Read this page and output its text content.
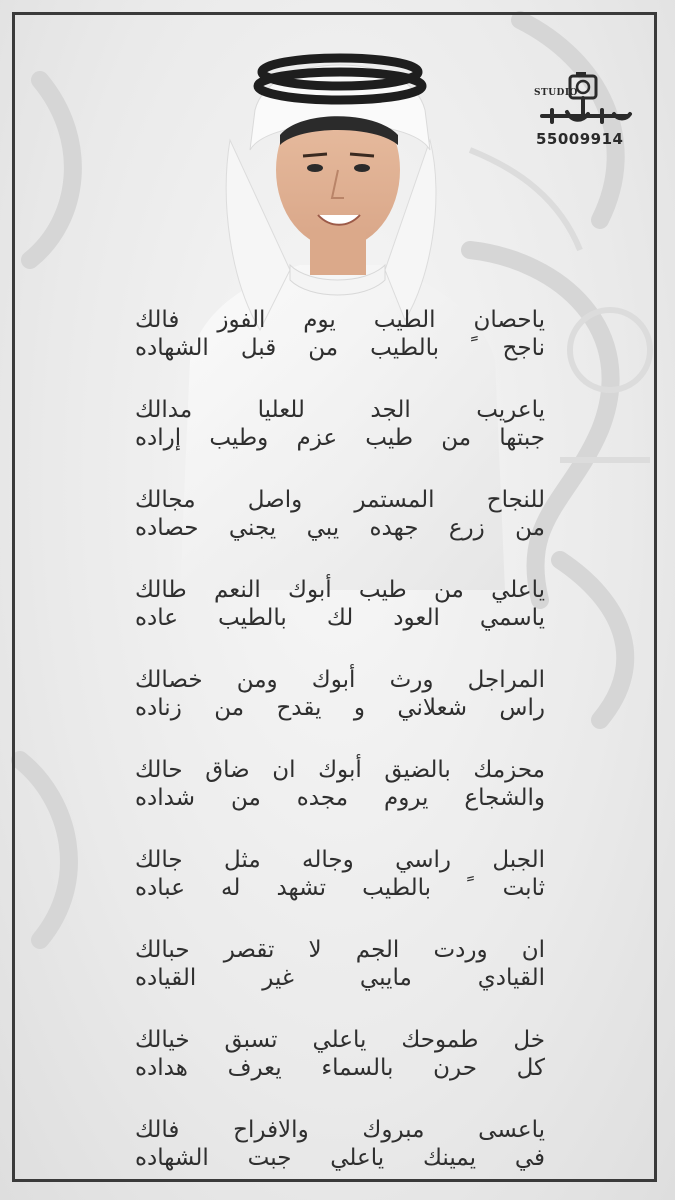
STUDIO
55009914
ياحصان الطيب يوم الفوز فالك
ناجح ً بالطيب من قبل الشهاده
ياعريب الجد للعليا مدالك
جبتها من طيب عزم وطيب إراده
للنجاح المستمر واصل مجالك
من زرع جهده يبي يجني حصاده
ياعلي من طيب أبوك النعم طالك
ياسمي العود لك بالطيب عاده
المراجل ورث أبوك ومن خصالك
راس شعلاني و يقدح من زناده
محزمك بالضيق أبوك ان ضاق حالك
والشجاع يروم مجده من شداده
الجبل راسي وجاله مثل جالك
ثابت ً بالطيب تشهد له عباده
ان وردت الجم لا تقصر حبالك
القيادي مايبي غير القياده
خل طموحك ياعلي تسبق خيالك
كل حرن بالسماء يعرف هداده
ياعسى مبروك والافراح فالك
في يمينك ياعلي جبت الشهاده
